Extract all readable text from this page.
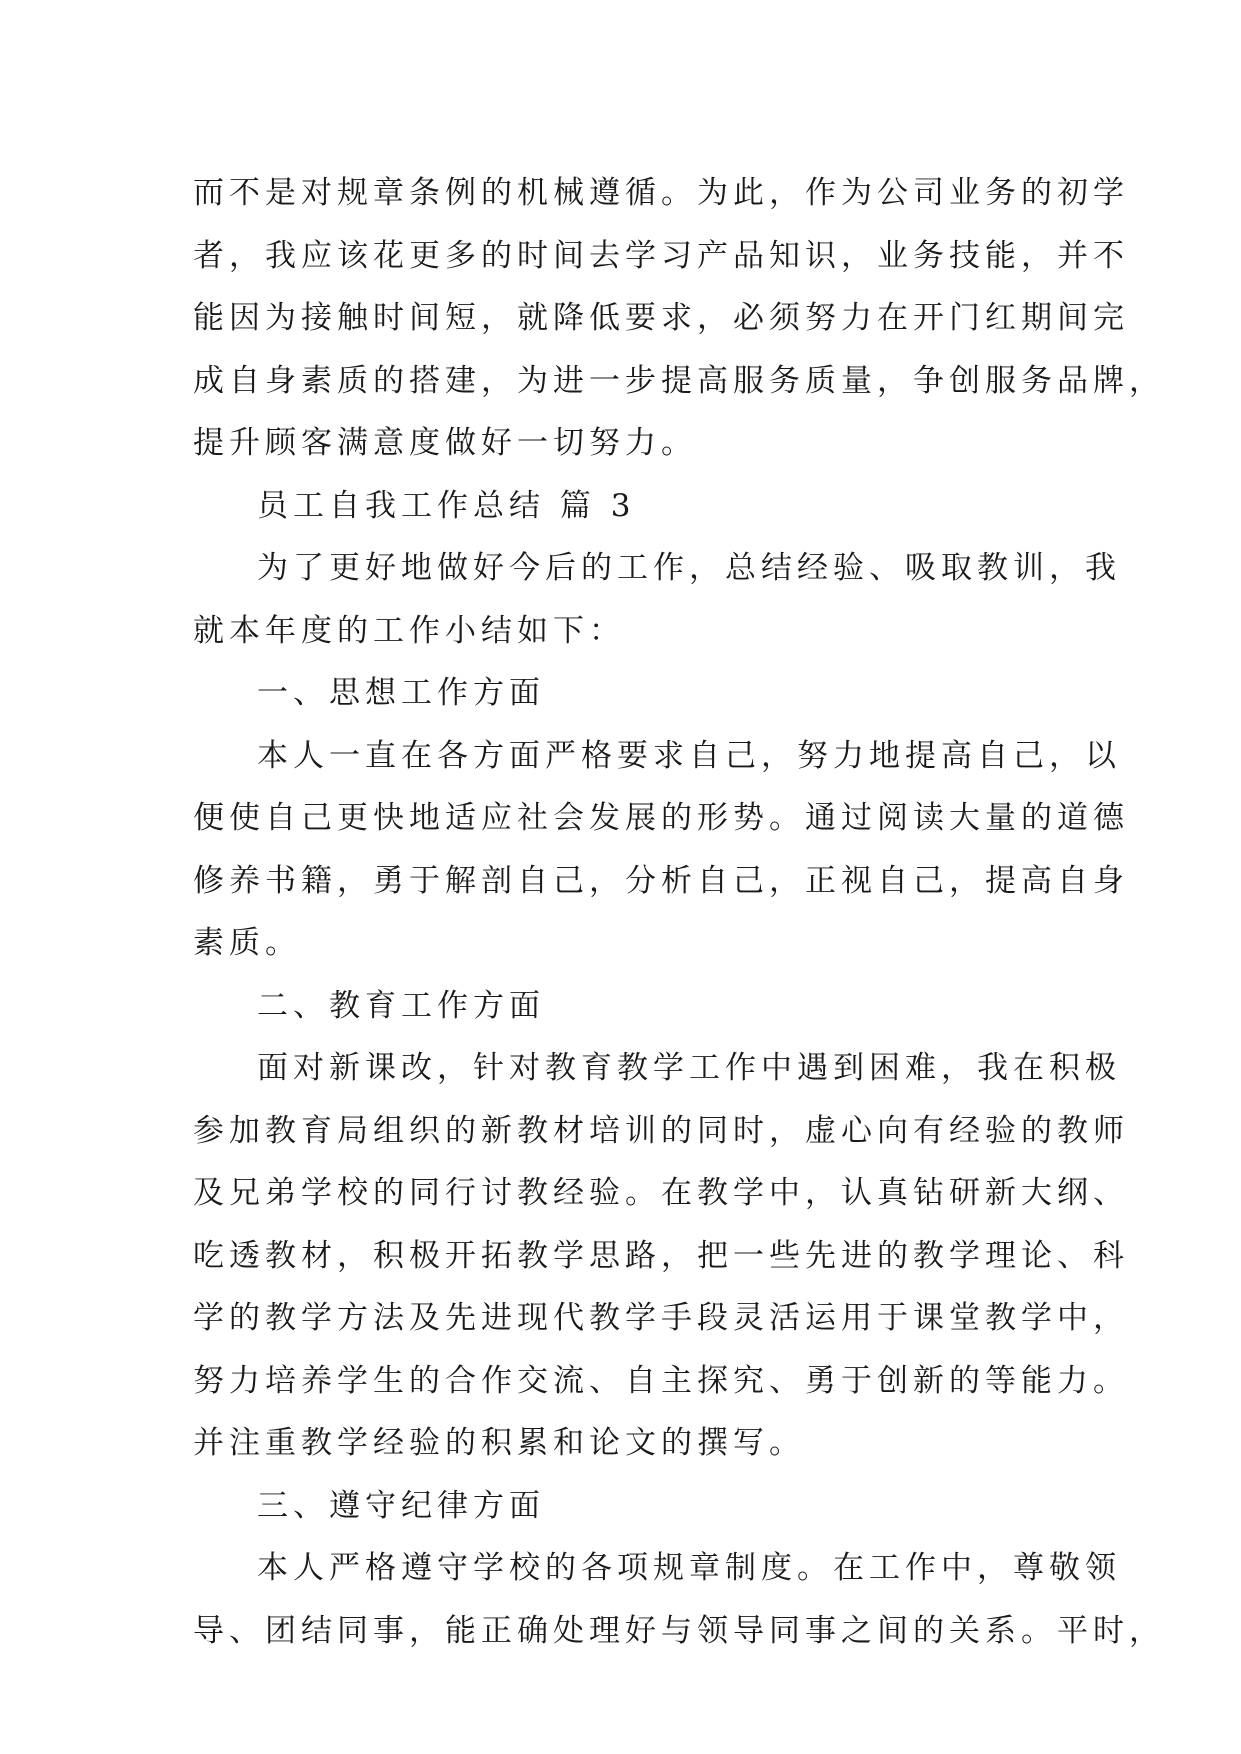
而不是对规章条例的机械遵循。为此，作为公司业务的初学
者，我应该花更多的时间去学习产品知识，业务技能，并不
能因为接触时间短，就降低要求，必须努力在开门红期间完
成自身素质的搭建，为进一步提高服务质量，争创服务品牌，
提升顾客满意度做好一切努力。
员工自我工作总结 篇 3
为了更好地做好今后的工作，总结经验、吸取教训，我
就本年度的工作小结如下：
一、思想工作方面
本人一直在各方面严格要求自己，努力地提高自己，以
便使自己更快地适应社会发展的形势。通过阅读大量的道德
修养书籍，勇于解剖自己，分析自己，正视自己，提高自身
素质。
二、教育工作方面
面对新课改，针对教育教学工作中遇到困难，我在积极
参加教育局组织的新教材培训的同时，虚心向有经验的教师
及兄弟学校的同行讨教经验。在教学中，认真钻研新大纲、
吃透教材，积极开拓教学思路，把一些先进的教学理论、科
学的教学方法及先进现代教学手段灵活运用于课堂教学中，
努力培养学生的合作交流、自主探究、勇于创新的等能力。
并注重教学经验的积累和论文的撰写。
三、遵守纪律方面
本人严格遵守学校的各项规章制度。在工作中，尊敬领
导、团结同事，能正确处理好与领导同事之间的关系。平时，
